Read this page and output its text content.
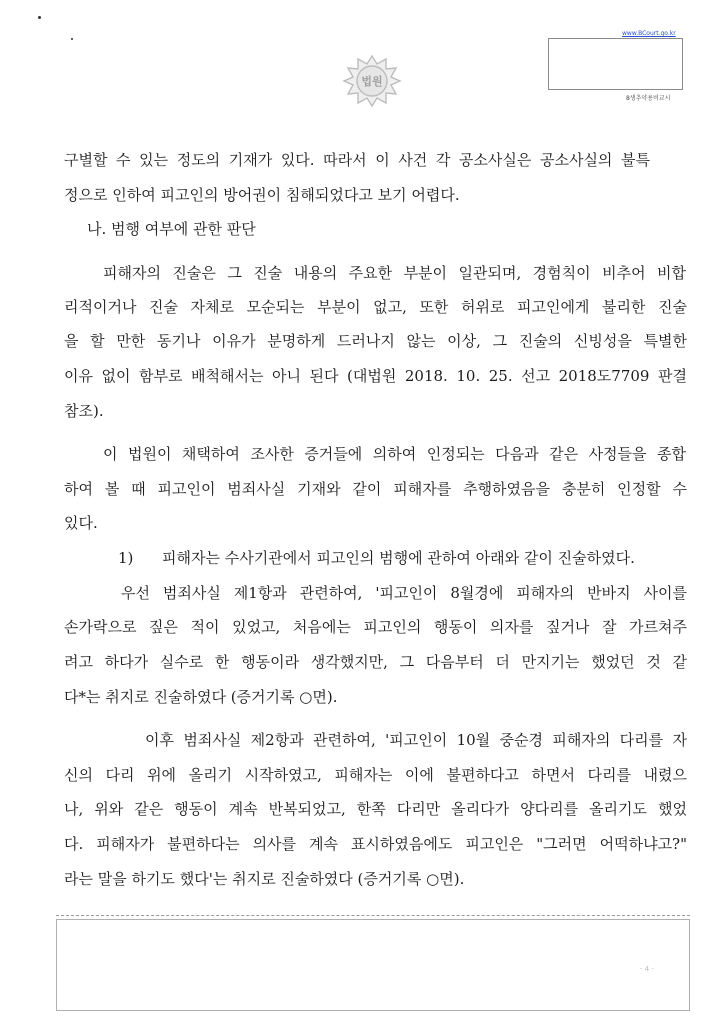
법원
www.BCourt.go.kr
8생추약용비교시
구별할 수 있는 정도의 기재가 있다. 따라서 이 사건 각 공소사실은 공소사실의 불특
정으로 인하여 피고인의 방어권이 침해되었다고 보기 어렵다.
나. 범행 여부에 관한 판단
피해자의 진술은 그 진술 내용의 주요한 부분이 일관되며, 경험칙이 비추어 비합
리적이거나 진술 자체로 모순되는 부분이 없고, 또한 허위로 피고인에게 불리한 진술
을 할 만한 동기나 이유가 분명하게 드러나지 않는 이상, 그 진술의 신빙성을 특별한
이유 없이 함부로 배척해서는 아니 된다 (대법원 2018. 10. 25. 선고 2018도7709 판결
참조).
이 법원이 채택하여 조사한 증거들에 의하여 인정되는 다음과 같은 사정들을 종합
하여 볼 때 피고인이 범죄사실 기재와 같이 피해자를 추행하였음을 충분히 인정할 수
있다.
1)      피해자는 수사기관에서 피고인의 범행에 관하여 아래와 같이 진술하였다.
우선 범죄사실 제1항과 관련하여, '피고인이 8월경에 피해자의 반바지 사이를
손가락으로 짚은 적이 있었고, 처음에는 피고인의 행동이 의자를 짚거나 잘 가르쳐주
려고 하다가 실수로 한 행동이라 생각했지만, 그 다음부터 더 만지기는 했었던 것 같
다*는 취지로 진술하였다 (증거기록 ○면).
이후 범죄사실 제2항과 관련하여, '피고인이 10월 중순경 피해자의 다리를 자
신의 다리 위에 올리기 시작하였고, 피해자는 이에 불편하다고 하면서 다리를 내렸으
나, 위와 같은 행동이 계속 반복되었고, 한쪽 다리만 올리다가 양다리를 올리기도 했었
다. 피해자가 불편하다는 의사를 계속 표시하였음에도 피고인은 "그러면 어떡하냐고?"
라는 말을 하기도 했다'는 취지로 진술하였다 (증거기록 ○면).
- 4 -
